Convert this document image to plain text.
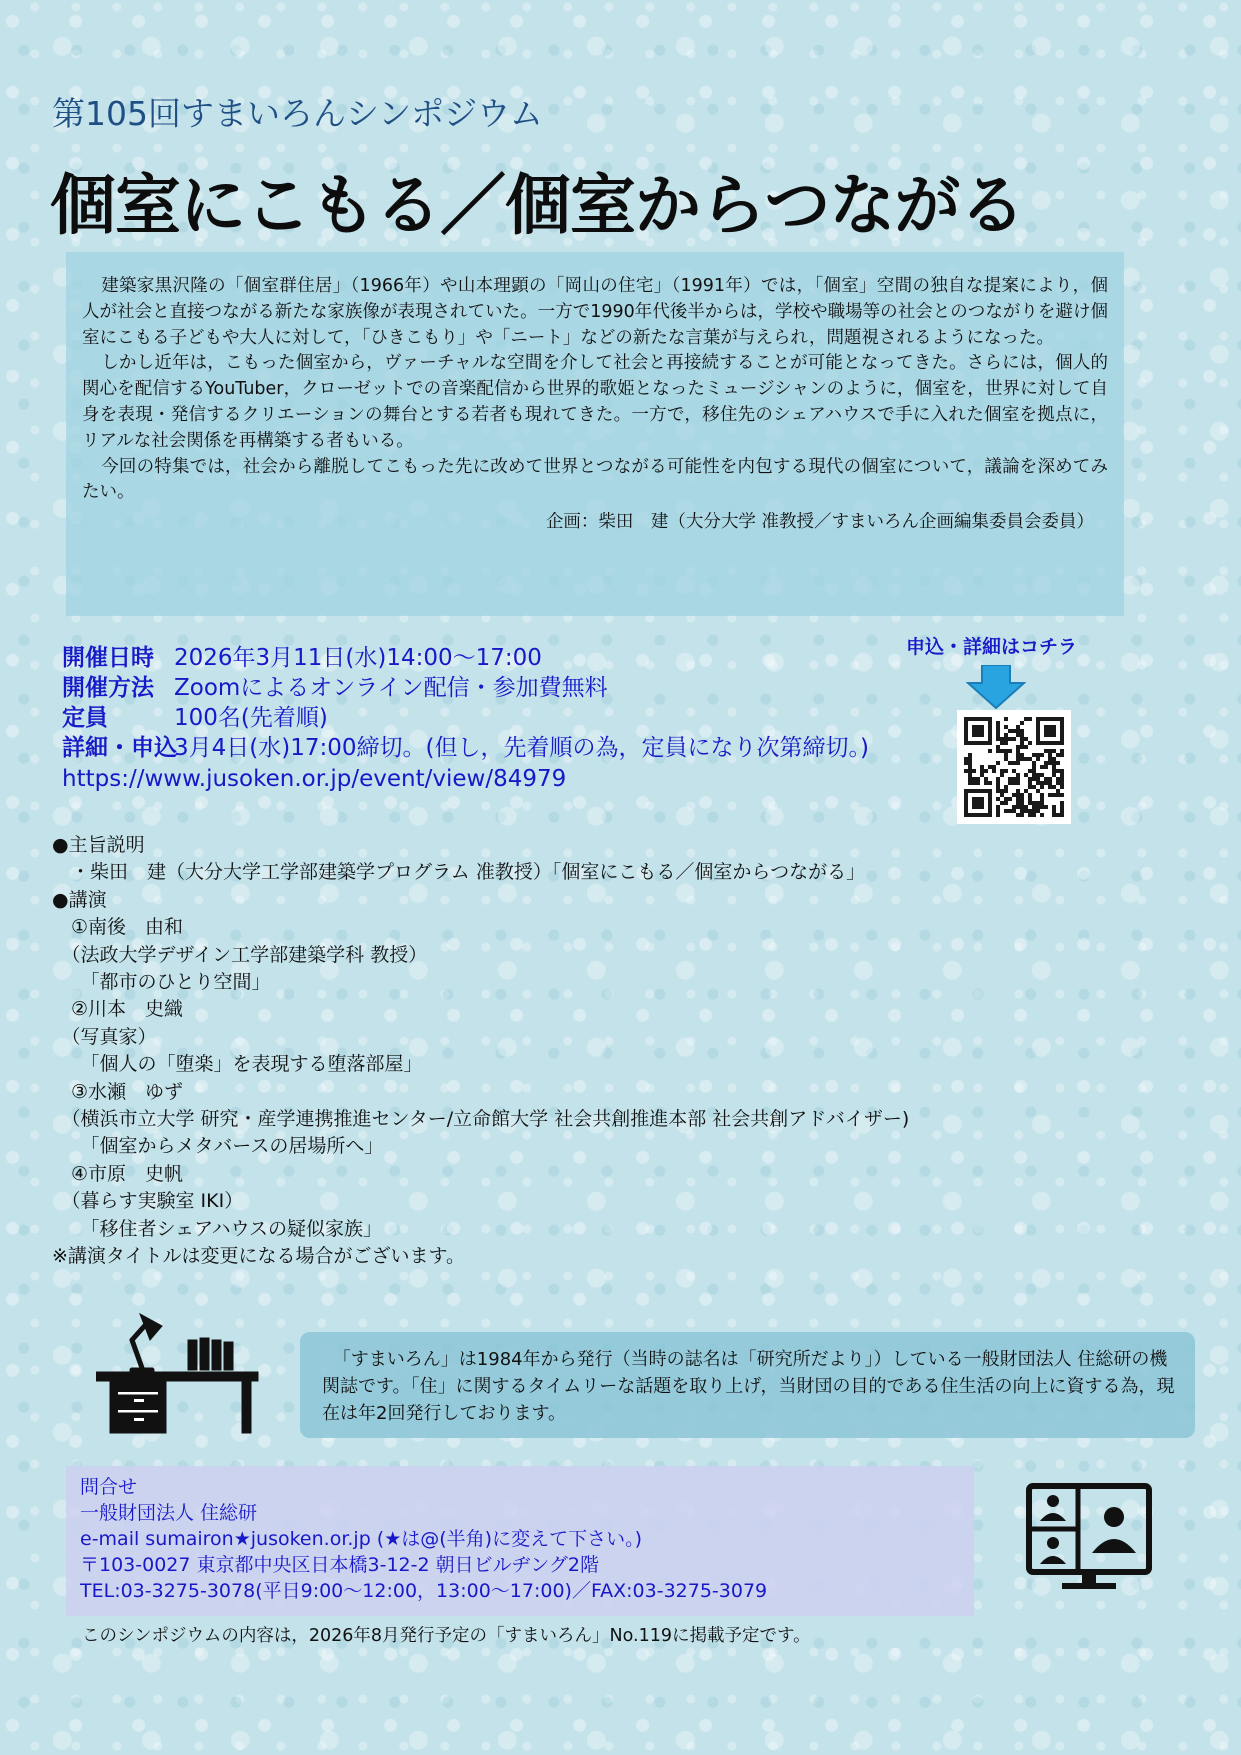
第105回すまいろんシンポジウム
個室にこもる／個室からつながる

建築家黒沢隆の「個室群住居」（1966年）や山本理顕の「岡山の住宅」（1991年）では，「個室」空間の独自な提案により，個人が社会と直接つながる新たな家族像が表現されていた。一方で1990年代後半からは，学校や職場等の社会とのつながりを避け個室にこもる子どもや大人に対して，「ひきこもり」や「ニート」などの新たな言葉が与えられ，問題視されるようになった。

しかし近年は，こもった個室から，ヴァーチャルな空間を介して社会と再接続することが可能となってきた。さらには，個人的関心を配信するYouTuber，クローゼットでの音楽配信から世界的歌姫となったミュージシャンのように，個室を，世界に対して自身を表現・発信するクリエーションの舞台とする若者も現れてきた。一方で，移住先のシェアハウスで手に入れた個室を拠点に，リアルな社会関係を再構築する者もいる。

今回の特集では，社会から離脱してこもった先に改めて世界とつながる可能性を内包する現代の個室について，議論を深めてみたい。

企画：柴田　建（大分大学 准教授／すまいろん企画編集委員会委員）

開催日時 2026年3月11日(水)14:00～17:00
開催方法 Zoomによるオンライン配信・参加費無料
定員	100名(先着順)
詳細・申込3月4日(水)17:00締切。(但し，先着順の為，定員になり次第締切。)
https://www.jusoken.or.jp/event/view/84979
申込・詳細はコチラ
●主旨説明
　・柴田　建（大分大学工学部建築学プログラム 准教授）「個室にこもる／個室からつながる」
●講演
　①南後　由和
　（法政大学デザイン工学部建築学科 教授）
　　「都市のひとり空間」
　②川本　史織
　（写真家）
　　「個人の「堕楽」を表現する堕落部屋」
　③水瀬　ゆず
　（横浜市立大学 研究・産学連携推進センター/立命館大学 社会共創推進本部 社会共創アドバイザー)
　　「個室からメタバースの居場所へ」
　④市原　史帆
　（暮らす実験室 IKI）
　　「移住者シェアハウスの疑似家族」
※講演タイトルは変更になる場合がございます。

「すまいろん」は1984年から発行（当時の誌名は「研究所だより」）している一般財団法人 住総研の機関誌です。「住」に関するタイムリーな話題を取り上げ，当財団の目的である住生活の向上に資する為，現在は年2回発行しております。

問合せ
一般財団法人 住総研
e-mail sumairon★jusoken.or.jp (★は@(半角)に変えて下さい。)
〒103-0027 東京都中央区日本橋3-12-2 朝日ビルヂング2階
TEL:03-3275-3078(平日9:00～12:00，13:00～17:00)／FAX:03-3275-3079
このシンポジウムの内容は，2026年8月発行予定の「すまいろん」No.119に掲載予定です。
